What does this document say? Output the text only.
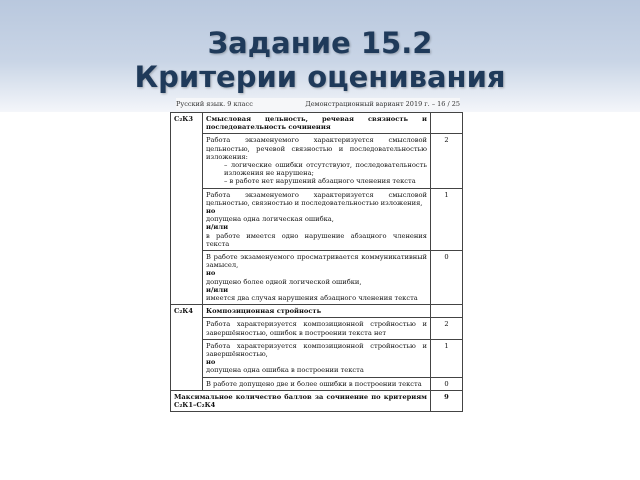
Задание 15.2
Критерии оценивания
Русский язык. 9 класс	Демонстрационный вариант 2019 г. – 16 / 25
С₂К3	Смысловая цельность, речевая связность и последовательность сочинения	

	Работа экзаменуемого характеризуется смысловой цельностью, речевой связностью и последовательностью изложения:
– логические ошибки отсутствуют, последовательность изложения не нарушена;
– в работе нет нарушений абзацного членения текста	2

	Работа экзаменуемого характеризуется смысловой цельностью, связностью и последовательностью изложения,
но
допущена одна логическая ошибка,
и/или
в работе имеется одно нарушение абзацного членения текста	1

	В работе экзаменуемого просматривается коммуникативный замысел,
но
допущено более одной логической ошибки,
и/или
имеется два случая нарушения абзацного членения текста	0
С₂К4	Композиционная стройность	
	Работа характеризуется композиционной стройностью и завершённостью, ошибок в построении текста нет	2

	Работа характеризуется композиционной стройностью и завершённостью,
но
допущена одна ошибка в построении текста	1
	В работе допущено две и более ошибки в построении текста	0
Максимальное количество баллов за сочинение по критериям С₂К1–С₂К4		9
